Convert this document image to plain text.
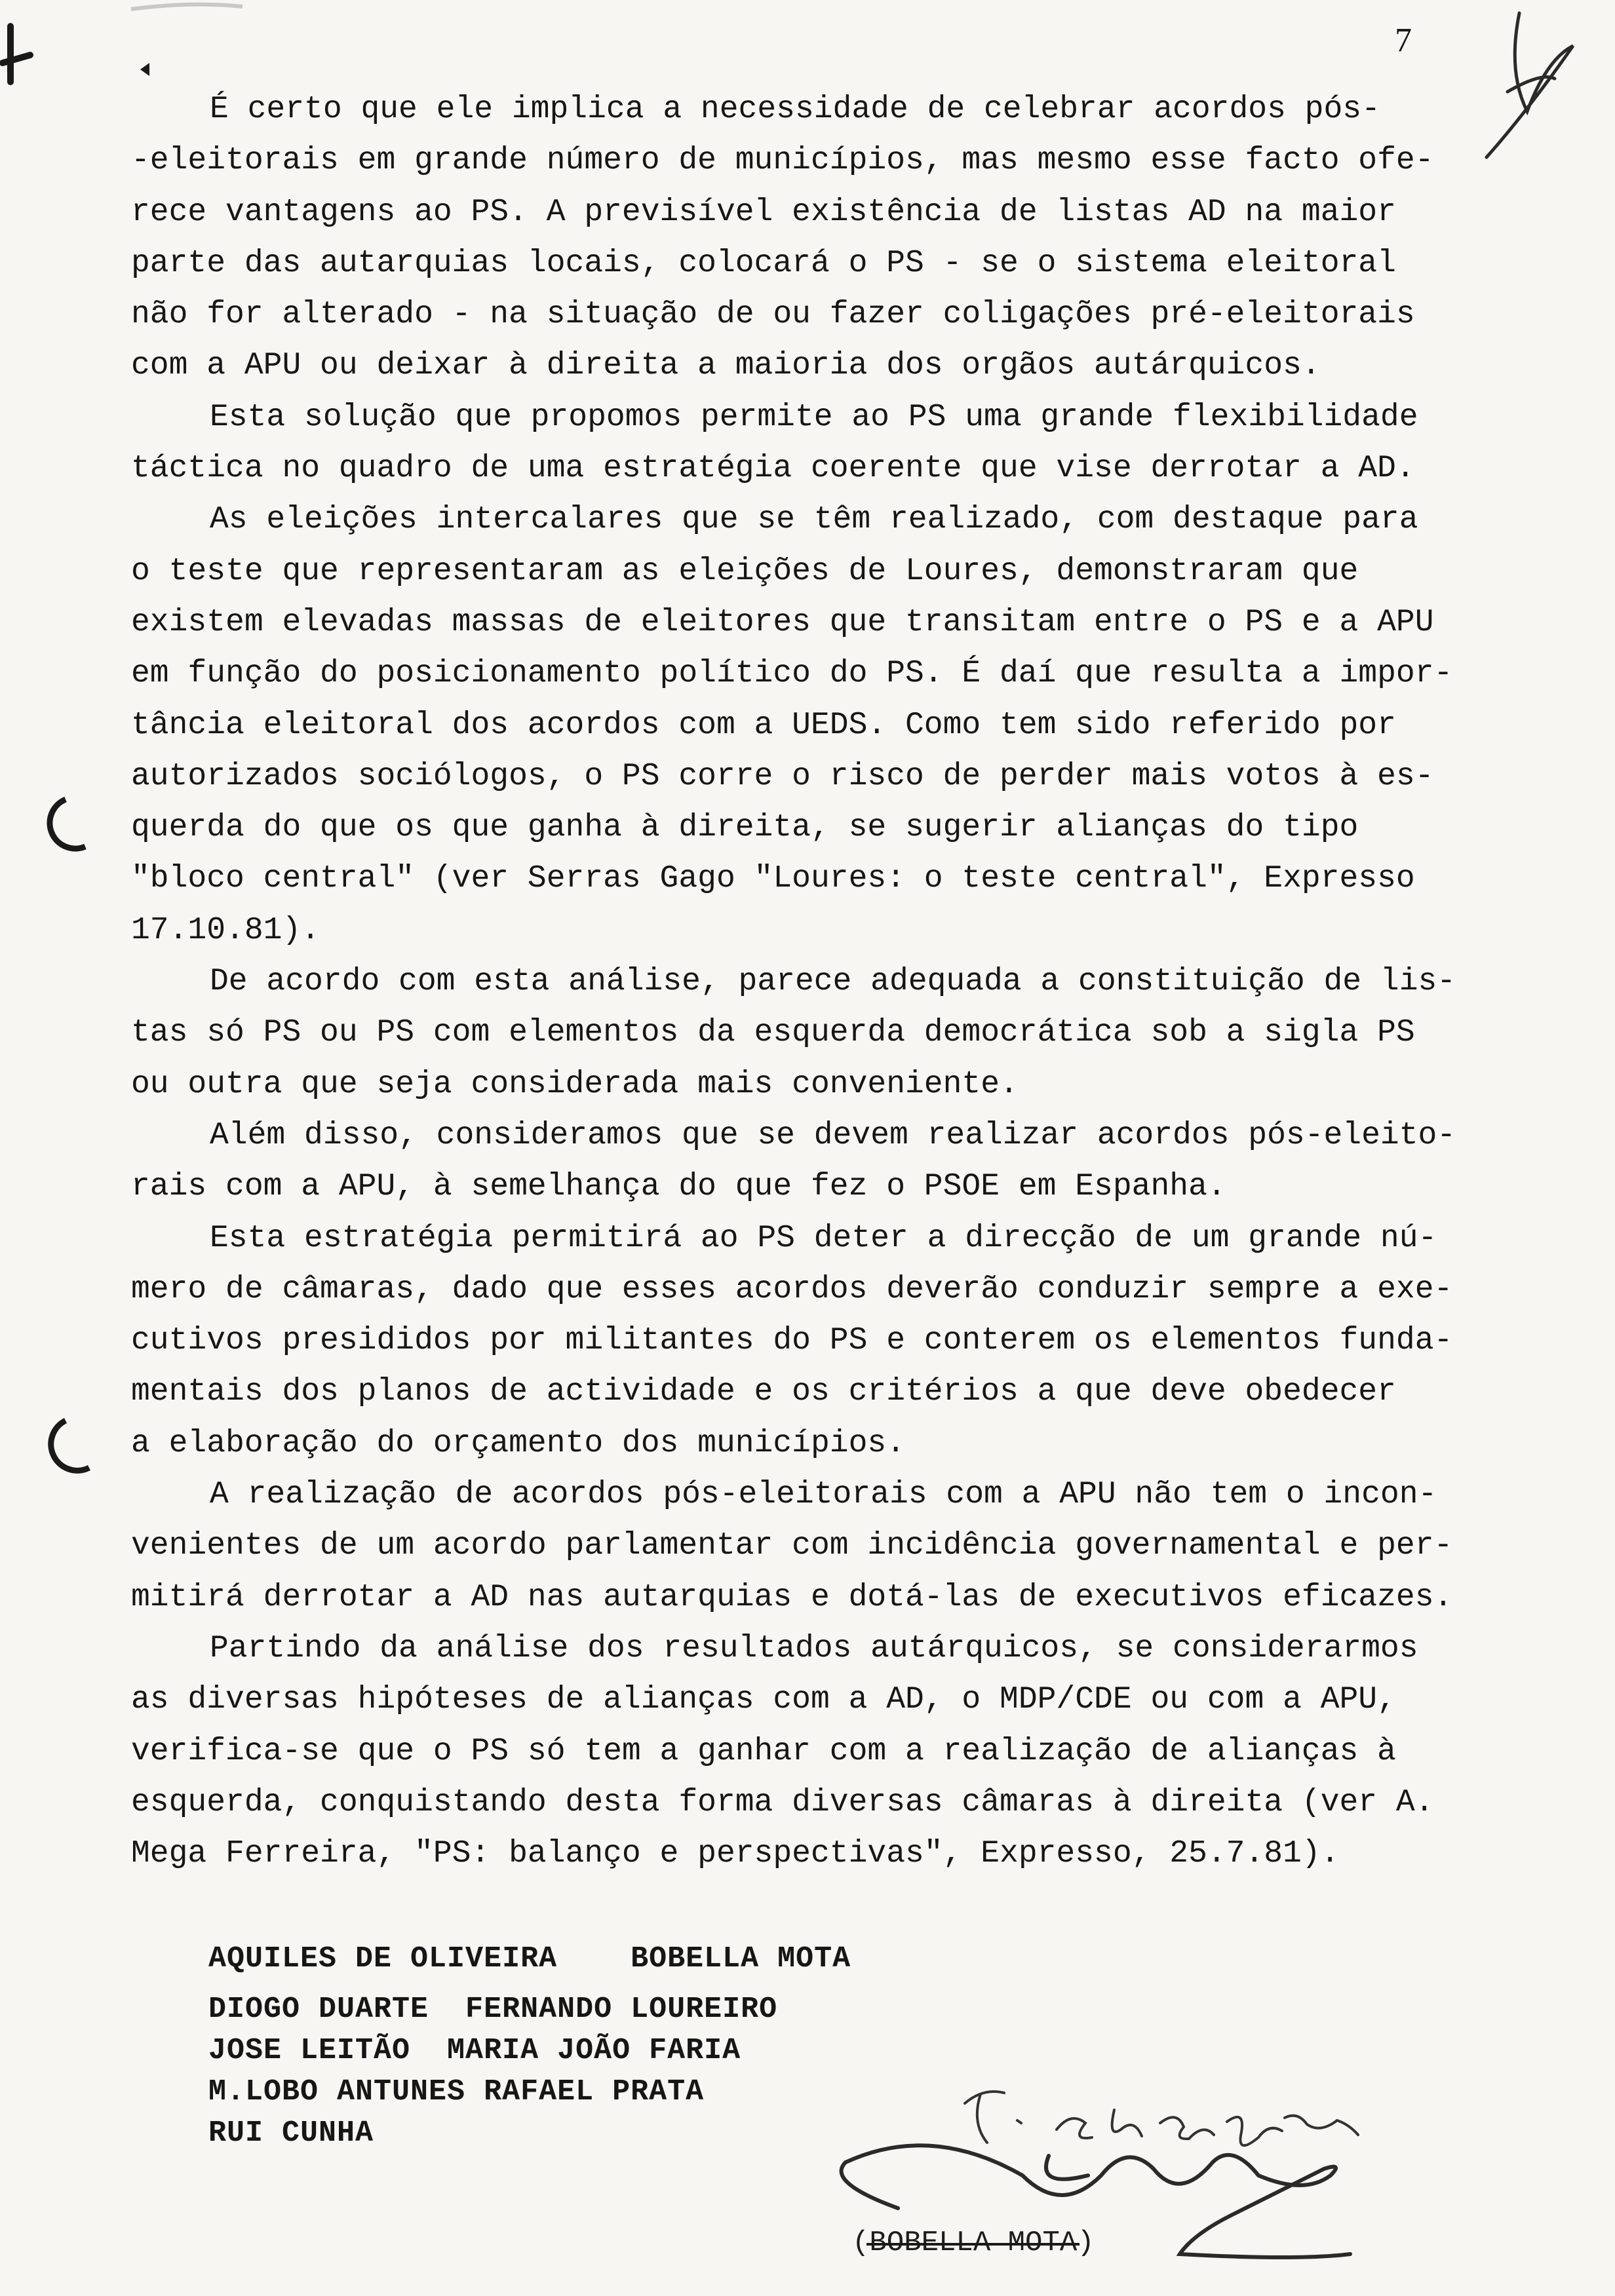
7
É certo que ele implica a necessidade de celebrar acordos pós-
-eleitorais em grande número de municípios, mas mesmo esse facto ofe-
rece vantagens ao PS. A previsível existência de listas AD na maior
parte das autarquias locais, colocará o PS - se o sistema eleitoral
não for alterado - na situação de ou fazer coligações pré-eleitorais
com a APU ou deixar à direita a maioria dos orgãos autárquicos.
Esta solução que propomos permite ao PS uma grande flexibilidade
táctica no quadro de uma estratégia coerente que vise derrotar a AD.
As eleições intercalares que se têm realizado, com destaque para
o teste que representaram as eleições de Loures, demonstraram que
existem elevadas massas de eleitores que transitam entre o PS e a APU
em função do posicionamento político do PS. É daí que resulta a impor-
tância eleitoral dos acordos com a UEDS. Como tem sido referido por
autorizados sociólogos, o PS corre o risco de perder mais votos à es-
querda do que os que ganha à direita, se sugerir alianças do tipo
"bloco central" (ver Serras Gago "Loures: o teste central", Expresso
17.10.81).
De acordo com esta análise, parece adequada a constituição de lis-
tas só PS ou PS com elementos da esquerda democrática sob a sigla PS
ou outra que seja considerada mais conveniente.
Além disso, consideramos que se devem realizar acordos pós-eleito-
rais com a APU, à semelhança do que fez o PSOE em Espanha.
Esta estratégia permitirá ao PS deter a direcção de um grande nú-
mero de câmaras, dado que esses acordos deverão conduzir sempre a exe-
cutivos presididos por militantes do PS e conterem os elementos funda-
mentais dos planos de actividade e os critérios a que deve obedecer
a elaboração do orçamento dos municípios.
A realização de acordos pós-eleitorais com a APU não tem o incon-
venientes de um acordo parlamentar com incidência governamental e per-
mitirá derrotar a AD nas autarquias e dotá-las de executivos eficazes.
Partindo da análise dos resultados autárquicos, se considerarmos
as diversas hipóteses de alianças com a AD, o MDP/CDE ou com a APU,
verifica-se que o PS só tem a ganhar com a realização de alianças à
esquerda, conquistando desta forma diversas câmaras à direita (ver A.
Mega Ferreira, "PS: balanço e perspectivas", Expresso, 25.7.81).
AQUILES DE OLIVEIRA    BOBELLA MOTA
DIOGO DUARTE  FERNANDO LOUREIRO
JOSE LEITÃO  MARIA JOÃO FARIA
M.LOBO ANTUNES RAFAEL PRATA
RUI CUNHA
(BOBELLA MOTA)
